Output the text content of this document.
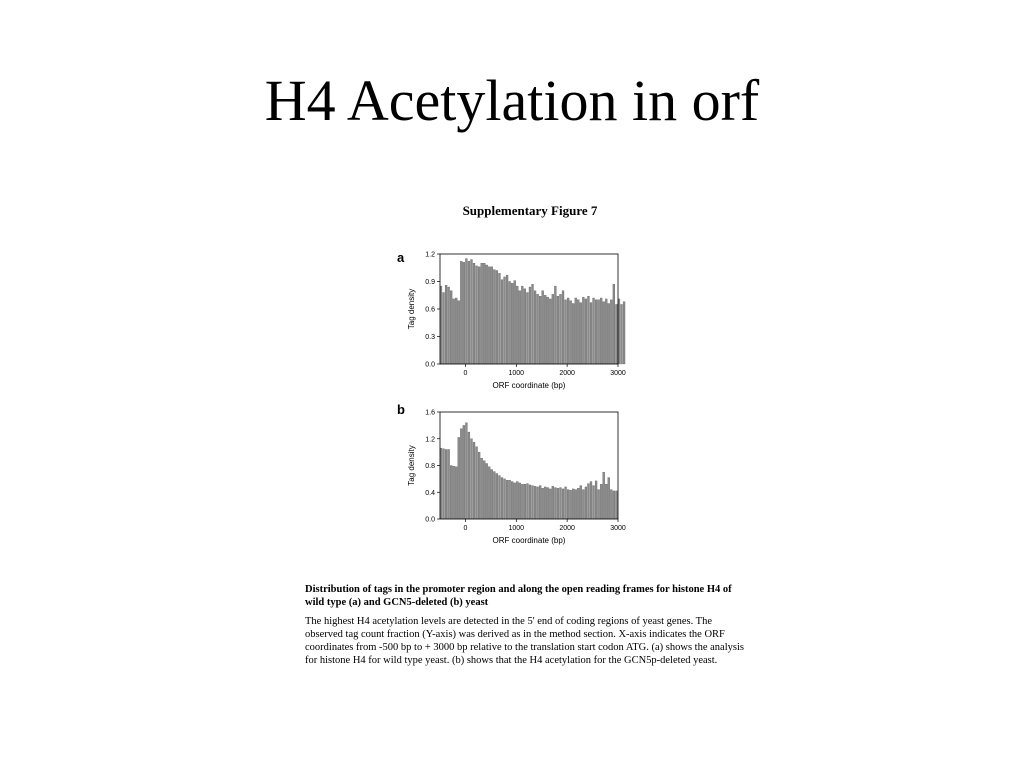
H4 Acetylation in orf
Supplementary Figure 7
a
b
0.0
0.3
0.6
0.9
1.2
0	1000	2000	3000
ORF coordinate (bp)
Tag density
0.0
0.4
0.8
1.2
1.6
0	1000	2000	3000
ORF coordinate (bp)
Tag density
Distribution of tags in the promoter region and along the open reading frames for histone H4 of wild type (a) and GCN5-deleted (b) yeast
The highest H4 acetylation levels are detected in the 5' end of coding regions of yeast genes. The observed tag count fraction (Y-axis) was derived as in the method section. X-axis indicates the ORF coordinates from -500 bp to + 3000 bp relative to the translation start codon ATG. (a) shows the analysis for histone H4 for wild type yeast. (b) shows that the H4 acetylation for the GCN5p-deleted yeast.
